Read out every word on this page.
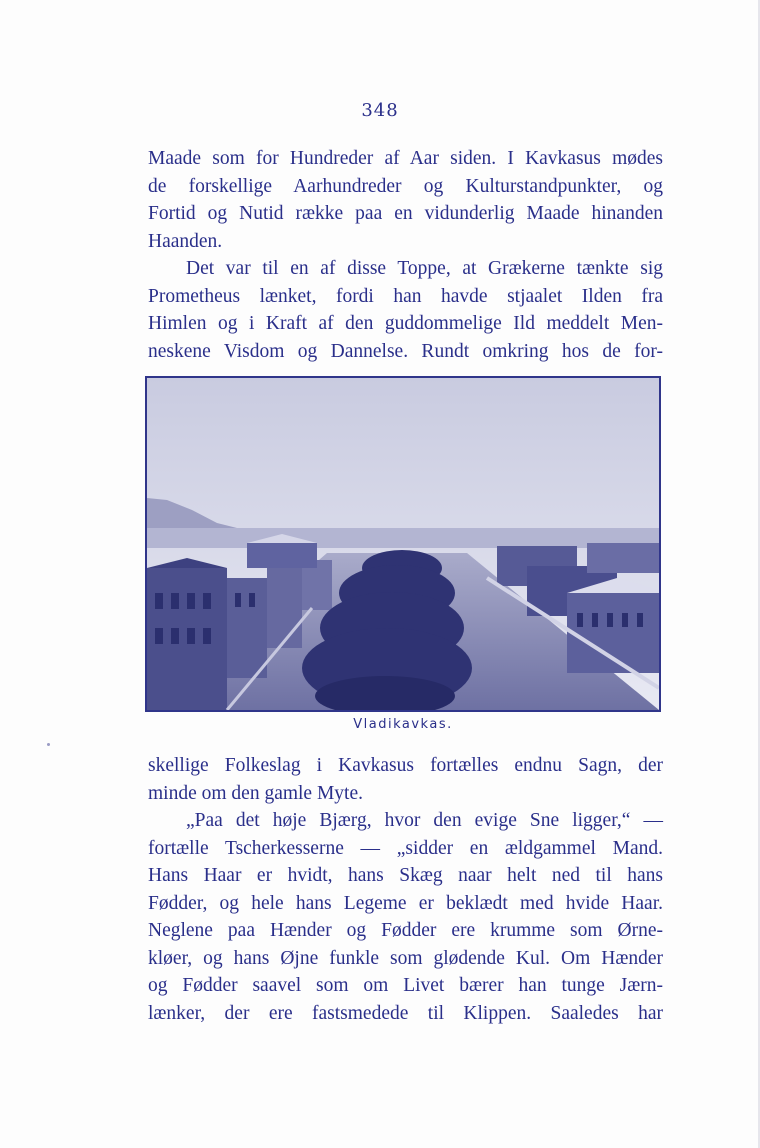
348
Maade som for Hundreder af Aar siden. I Kavkasus mødes
de forskellige Aarhundreder og Kulturstandpunkter, og
Fortid og Nutid række paa en vidunderlig Maade hinanden
Haanden.
Det var til en af disse Toppe, at Grækerne tænkte sig
Prometheus lænket, fordi han havde stjaalet Ilden fra
Himlen og i Kraft af den guddommelige Ild meddelt Men-
neskene Visdom og Dannelse. Rundt omkring hos de for-
Vladikavkas.
skellige Folkeslag i Kavkasus fortælles endnu Sagn, der
minde om den gamle Myte.
„Paa det høje Bjærg, hvor den evige Sne ligger,“ —
fortælle Tscherkesserne — „sidder en ældgammel Mand.
Hans Haar er hvidt, hans Skæg naar helt ned til hans
Fødder, og hele hans Legeme er beklædt med hvide Haar.
Neglene paa Hænder og Fødder ere krumme som Ørne-
kløer, og hans Øjne funkle som glødende Kul. Om Hænder
og Fødder saavel som om Livet bærer han tunge Jærn-
lænker, der ere fastsmedede til Klippen. Saaledes har
